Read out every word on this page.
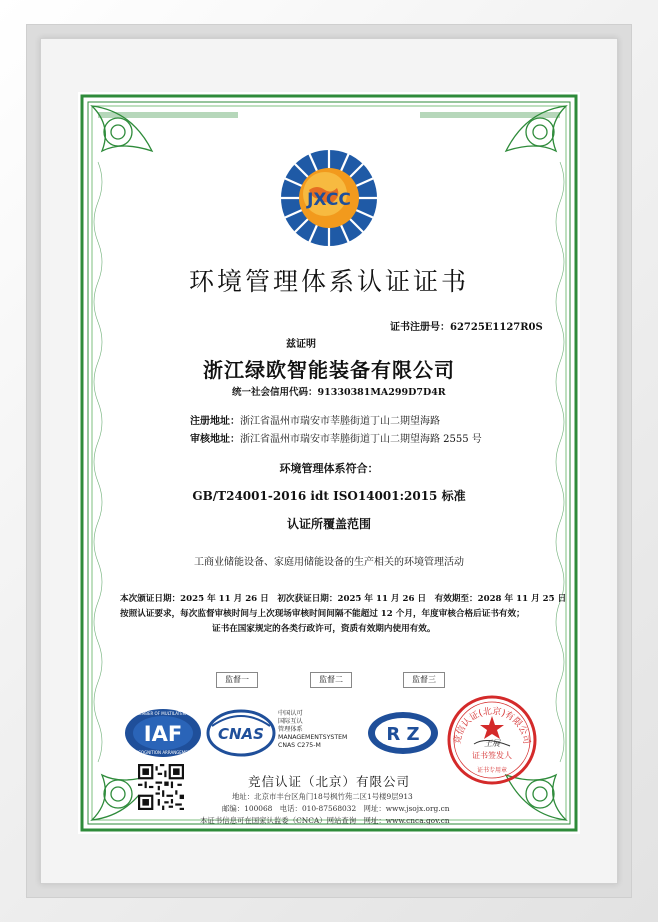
JXCC
环境管理体系认证证书
证书注册号：62725E1127R0S
兹证明
浙江绿欧智能装备有限公司
统一社会信用代码：91330381MA299D7D4R
注册地址：浙江省温州市瑞安市莘塍街道丁山二期望海路
审核地址：浙江省温州市瑞安市莘塍街道丁山二期望海路 2555 号
环境管理体系符合：
GB/T24001-2016 idt ISO14001:2015 标准
认证所覆盖范围
工商业储能设备、家庭用储能设备的生产相关的环境管理活动
本次颁证日期：2025 年 11 月 26 日　初次获证日期：2025 年 11 月 26 日　有效期至：2028 年 11 月 25 日
按照认证要求，每次监督审核时间与上次现场审核时间间隔不能超过 12 个月，年度审核合格后证书有效；
证书在国家规定的各类行政许可，资质有效期内使用有效。
监督一	监督二	监督三
IAF
MEMBER OF MULTILATERAL
RECOGNITION ARRANGEMENT
CNAS
中国认可
国际互认
管理体系
MANAGEMENTSYSTEM
CNAS C275-M
R Z	竞信认证(北京)有限公司
王展
证书签发人
证书专用章
竞信认证（北京）有限公司
地址：北京市丰台区角门18号枫竹苑二区1号楼9层913
邮编：100068　电话：010-87568032　网址：www.jsojx.org.cn
本证书信息可在国家认监委（CNCA）网站查询　网址：www.cnca.gov.cn
